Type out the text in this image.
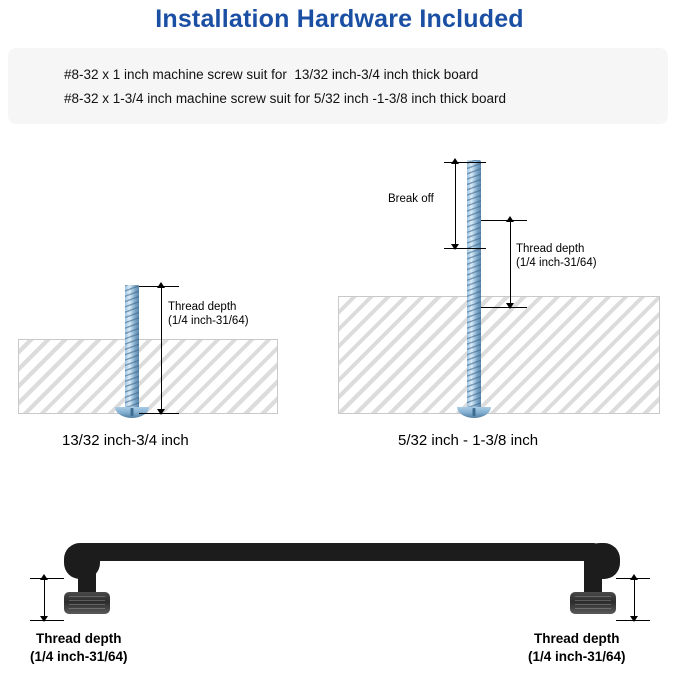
Installation Hardware Included
#8-32 x 1 inch machine screw suit for  13/32 inch-3/4 inch thick board
#8-32 x 1-3/4 inch machine screw suit for 5/32 inch -1-3/8 inch thick board
Thread depth
(1/4 inch-31/64)
13/32 inch-3/4 inch
Break off
Thread depth
(1/4 inch-31/64)
5/32 inch - 1-3/8 inch
Thread depth
(1/4 inch-31/64)
Thread depth
(1/4 inch-31/64)
